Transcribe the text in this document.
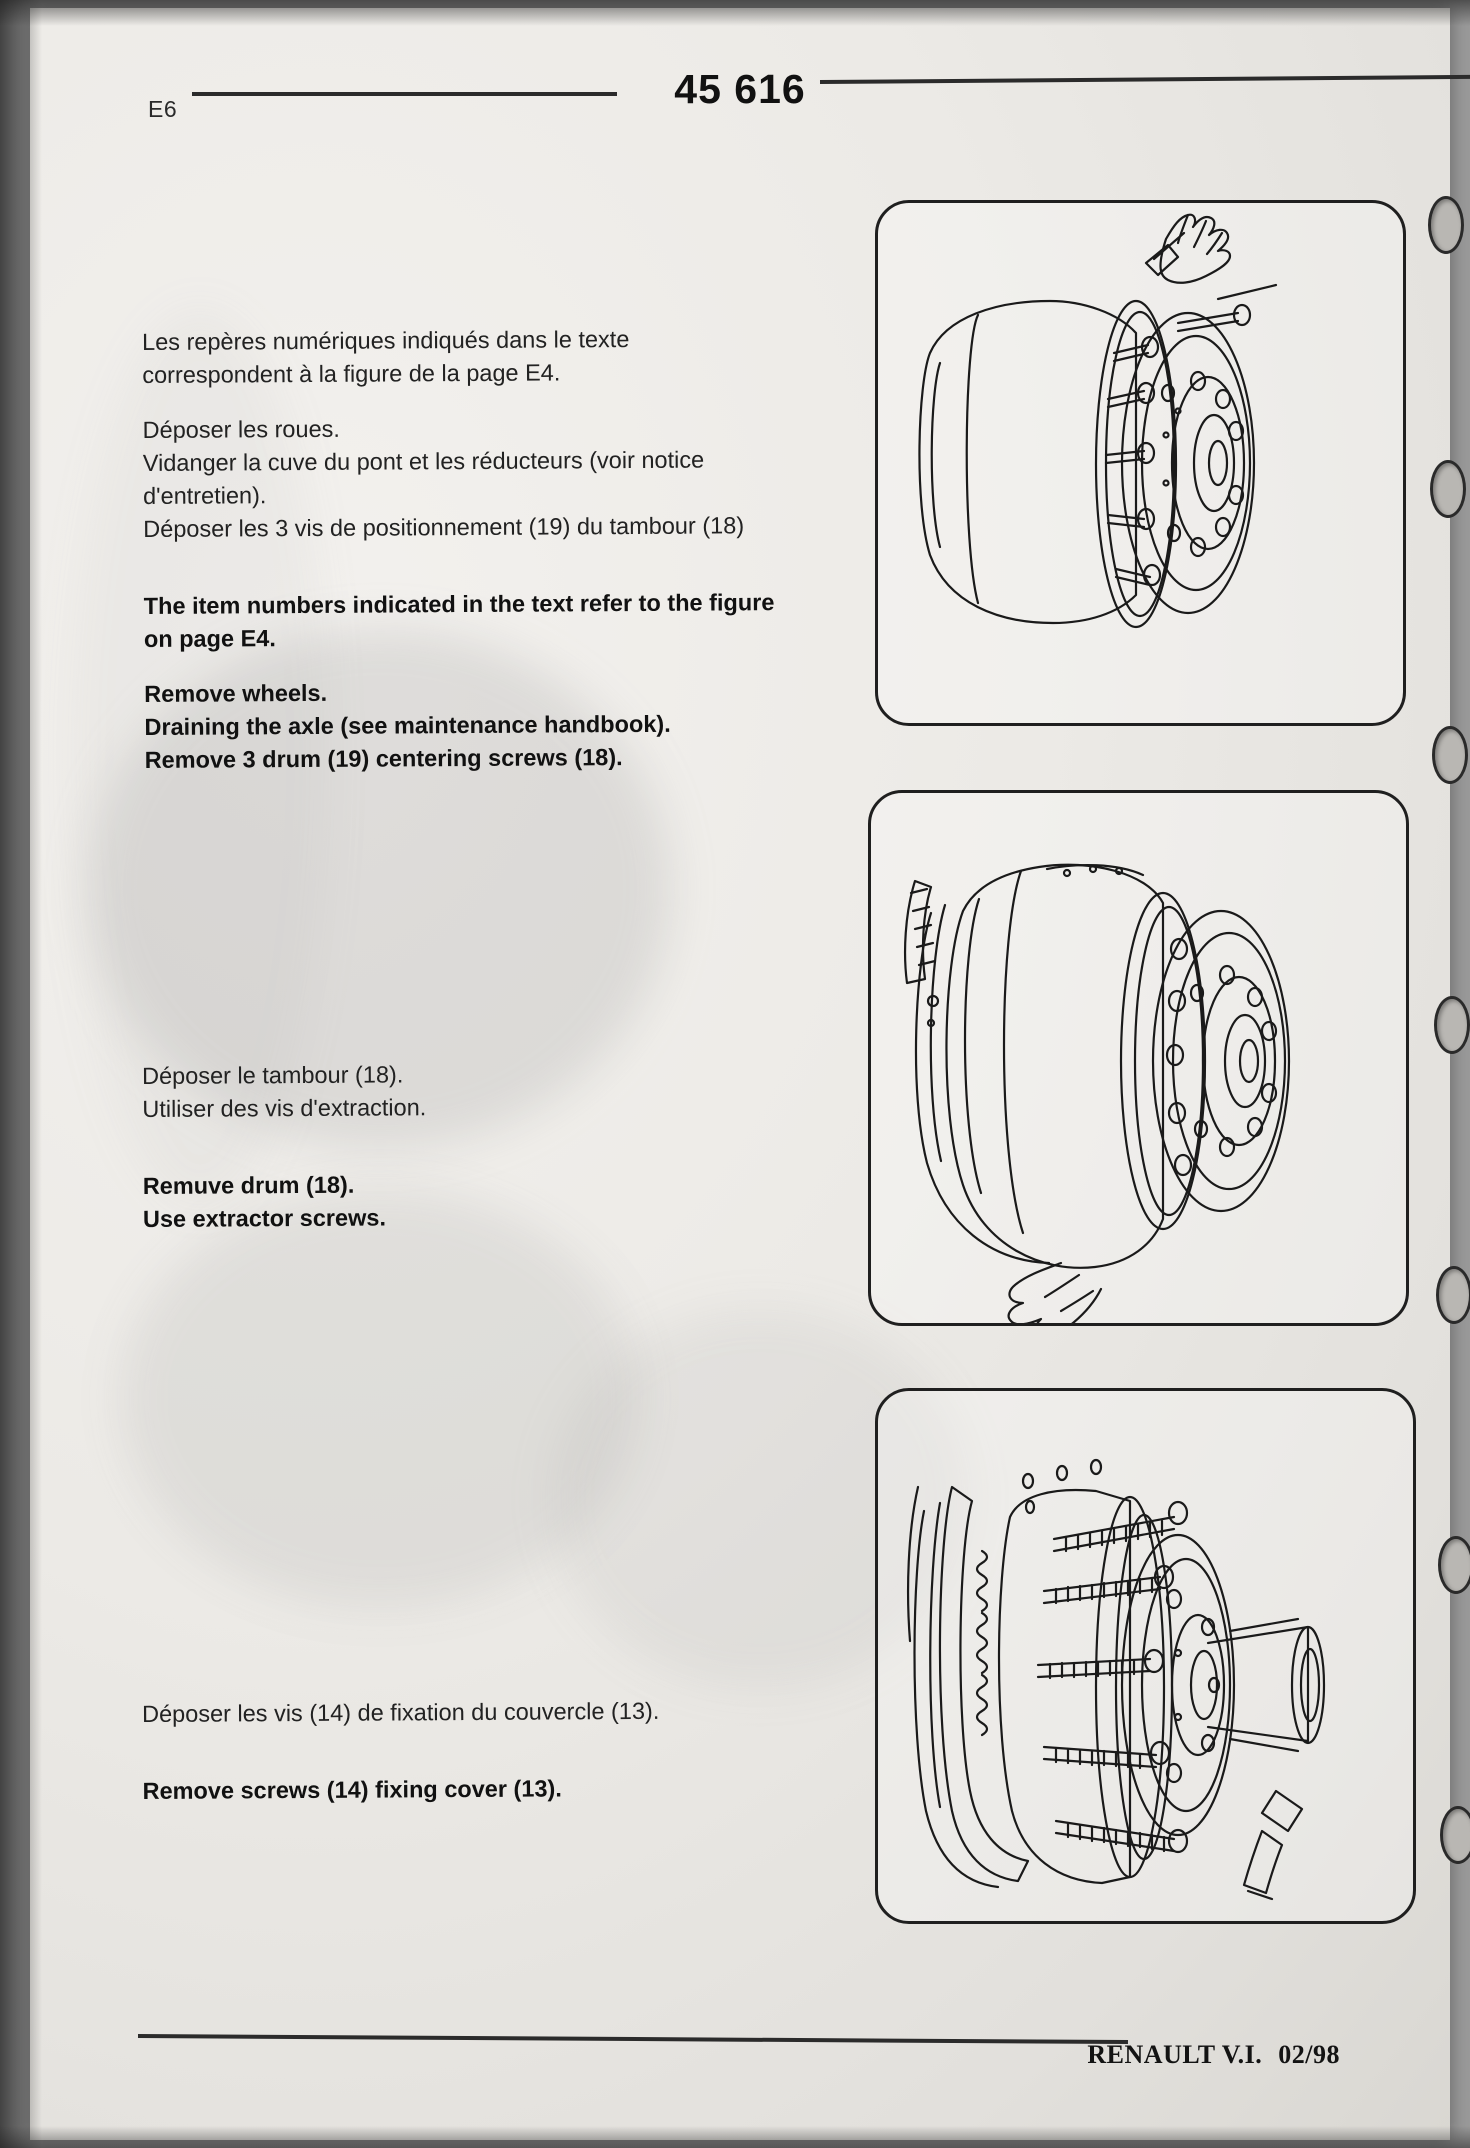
E6	45 616
Les repères numériques indiqués dans le texte
correspondent à la figure de la page E4.
Déposer les roues.
Vidanger la cuve du pont et les réducteurs (voir notice
d'entretien).
Déposer les 3 vis de positionnement (19) du tambour (18)
The item numbers indicated in the text refer to the figure
on page E4.
Remove wheels.
Draining the axle (see maintenance handbook).
Remove 3 drum (19) centering screws (18).
Déposer le tambour (18).
Utiliser des vis d'extraction.
Remuve drum (18).
Use extractor screws.
Déposer les vis (14) de fixation du couvercle (13).
Remove screws (14) fixing cover (13).
RENAULT V.I. 02/98
